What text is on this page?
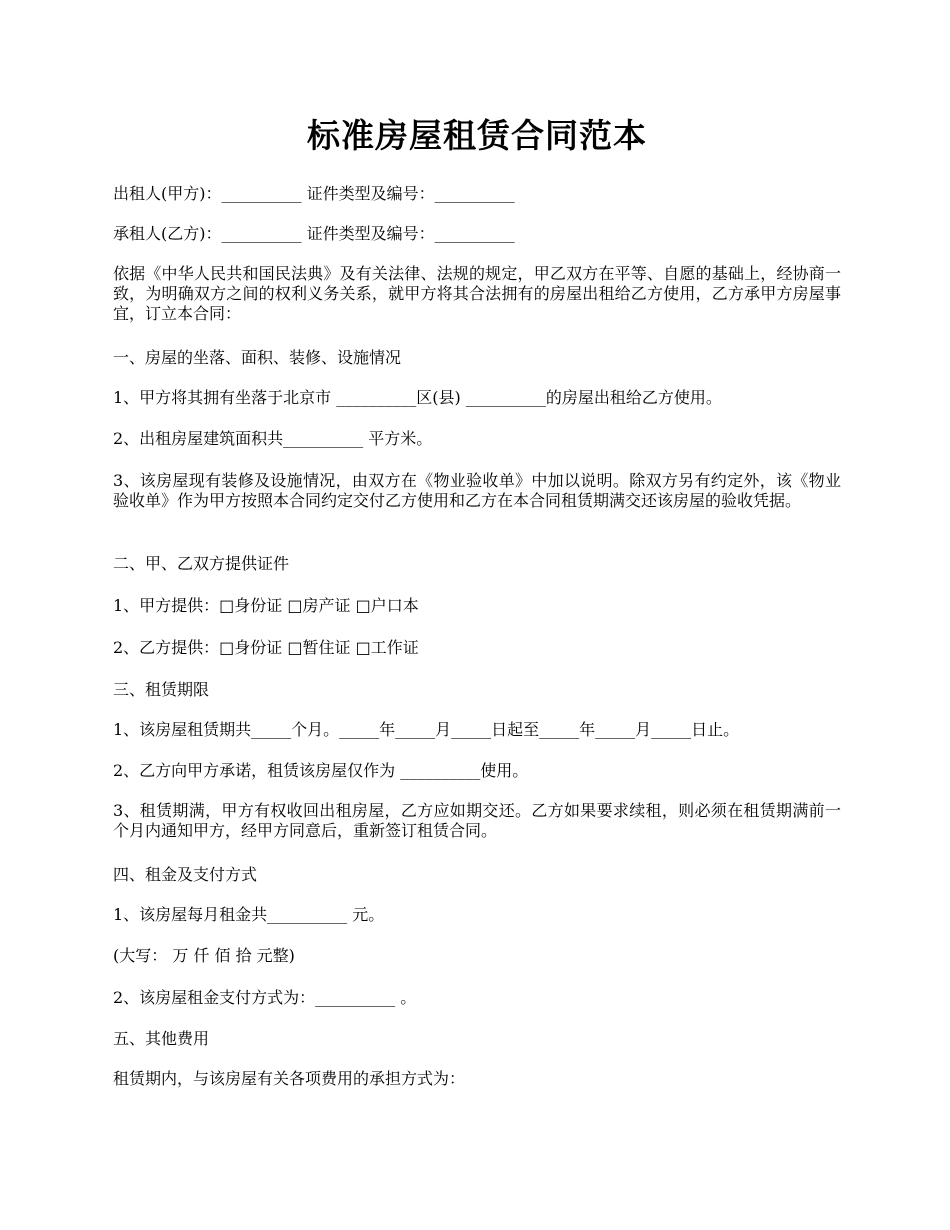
标准房屋租赁合同范本
出租人(甲方)：__________ 证件类型及编号：__________
承租人(乙方)：__________ 证件类型及编号：__________
依据《中华人民共和国民法典》及有关法律、法规的规定，甲乙双方在平等、自愿的基础上，经协商一致，为明确双方之间的权利义务关系，就甲方将其合法拥有的房屋出租给乙方使用，乙方承甲方房屋事宜，订立本合同：
一、房屋的坐落、面积、装修、设施情况
1、甲方将其拥有坐落于北京市 __________区(县) __________的房屋出租给乙方使用。
2、出租房屋建筑面积共__________ 平方米。
3、该房屋现有装修及设施情况，由双方在《物业验收单》中加以说明。除双方另有约定外，该《物业验收单》作为甲方按照本合同约定交付乙方使用和乙方在本合同租赁期满交还该房屋的验收凭据。
二、甲、乙双方提供证件
1、甲方提供：□身份证 □房产证 □户口本
2、乙方提供：□身份证 □暂住证 □工作证
三、租赁期限
1、该房屋租赁期共_____个月。_____年_____月_____日起至_____年_____月_____日止。
2、乙方向甲方承诺，租赁该房屋仅作为 __________使用。
3、租赁期满，甲方有权收回出租房屋，乙方应如期交还。乙方如果要求续租，则必须在租赁期满前一个月内通知甲方，经甲方同意后，重新签订租赁合同。
四、租金及支付方式
1、该房屋每月租金共__________ 元。
(大写： 万 仟 佰 拾 元整)
2、该房屋租金支付方式为：__________ 。
五、其他费用
租赁期内，与该房屋有关各项费用的承担方式为：
